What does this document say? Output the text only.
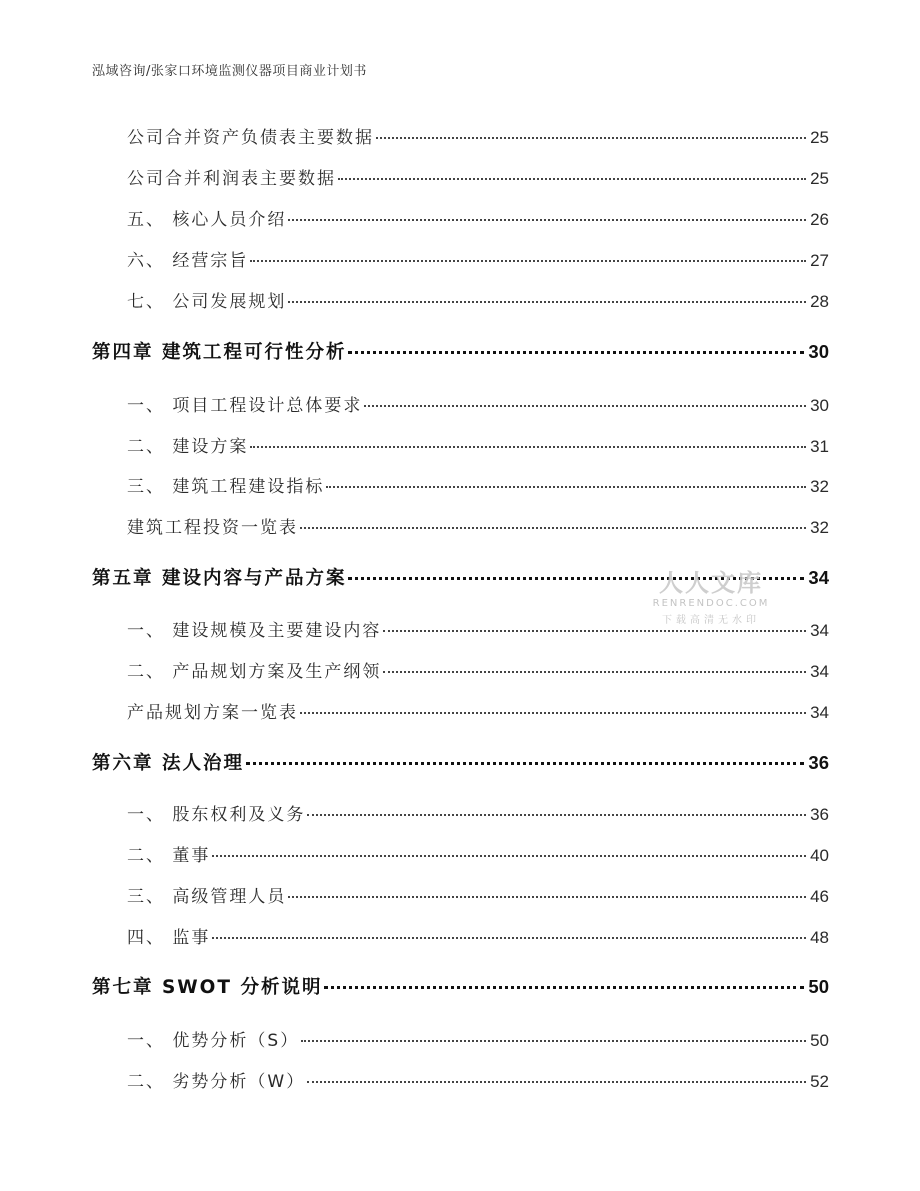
泓域咨询/张家口环境监测仪器项目商业计划书
公司合并资产负债表主要数据	25
公司合并利润表主要数据	25
五、 核心人员介绍	26
六、 经营宗旨	27
七、 公司发展规划	28
第四章 建筑工程可行性分析	30
一、 项目工程设计总体要求	30
二、 建设方案	31
三、 建筑工程建设指标	32
建筑工程投资一览表	32
第五章 建设内容与产品方案	34
一、 建设规模及主要建设内容	34
二、 产品规划方案及生产纲领	34
产品规划方案一览表	34
第六章 法人治理	36
一、 股东权利及义务	36
二、 董事	40
三、 高级管理人员	46
四、 监事	48
第七章 SWOT 分析说明	50
一、 优势分析（S）	50
二、 劣势分析（W）	52
人人文库
RENRENDOC.COM
下载高清无水印
